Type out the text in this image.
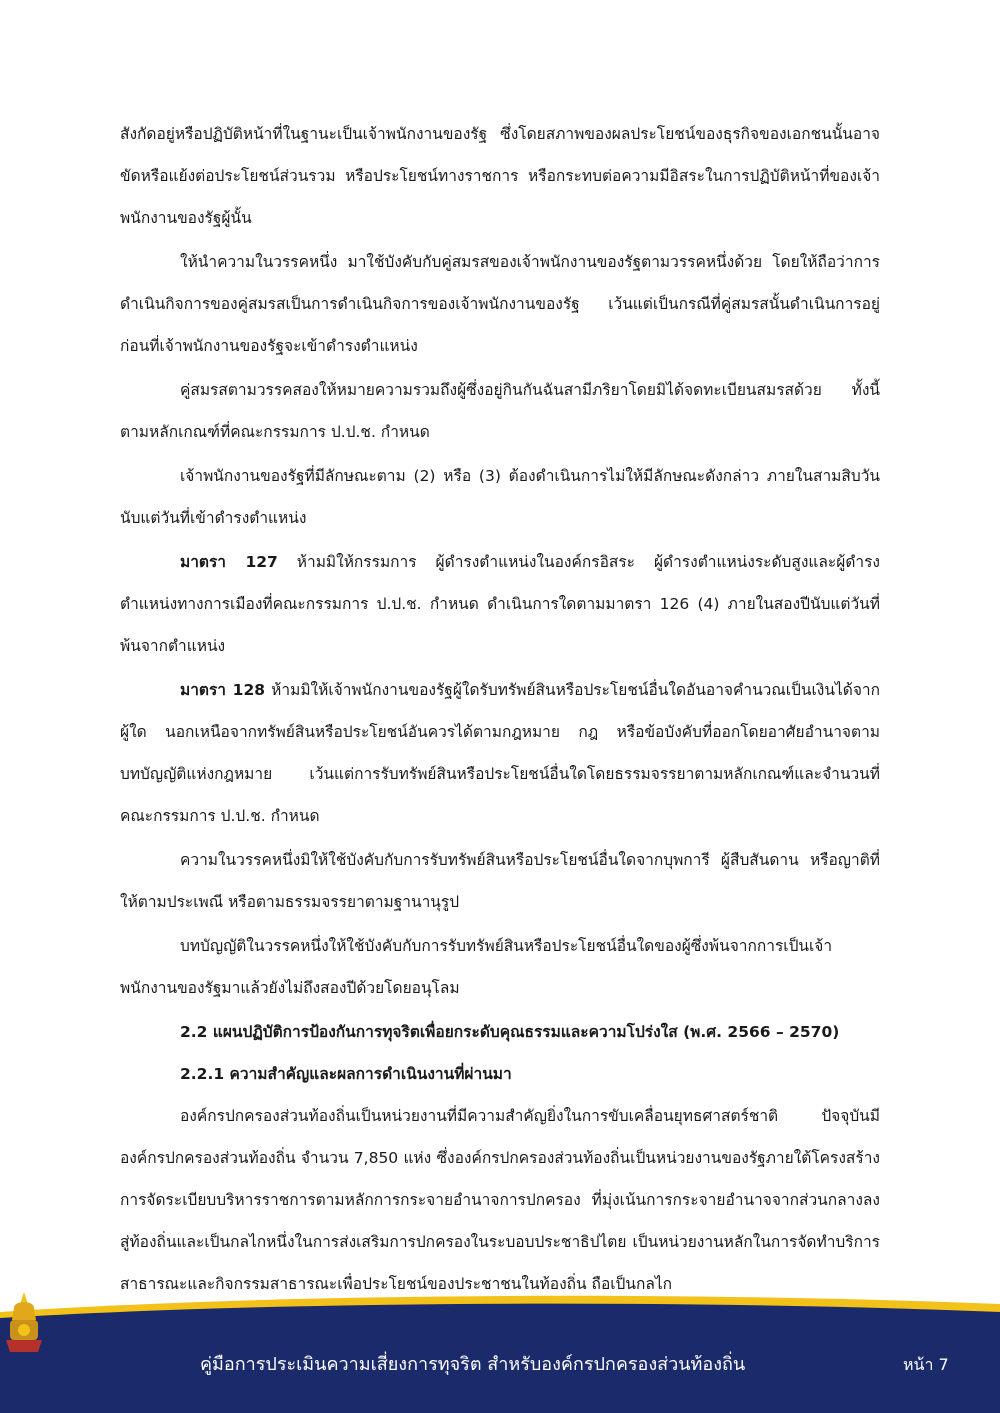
สังกัดอยู่หรือปฏิบัติหน้าที่ในฐานะเป็นเจ้าพนักงานของรัฐ ซึ่งโดยสภาพของผลประโยชน์ของธุรกิจของเอกชนนั้นอาจขัดหรือแย้งต่อประโยชน์ส่วนรวม หรือประโยชน์ทางราชการ หรือกระทบต่อความมีอิสระในการปฏิบัติหน้าที่ของเจ้าพนักงานของรัฐผู้นั้น

ให้นำความในวรรคหนึ่ง มาใช้บังคับกับคู่สมรสของเจ้าพนักงานของรัฐตามวรรคหนึ่งด้วย โดยให้ถือว่าการดำเนินกิจการของคู่สมรสเป็นการดำเนินกิจการของเจ้าพนักงานของรัฐ เว้นแต่เป็นกรณีที่คู่สมรสนั้นดำเนินการอยู่ก่อนที่เจ้าพนักงานของรัฐจะเข้าดำรงตำแหน่ง

คู่สมรสตามวรรคสองให้หมายความรวมถึงผู้ซึ่งอยู่กินกันฉันสามีภริยาโดยมิได้จดทะเบียนสมรสด้วย ทั้งนี้ ตามหลักเกณฑ์ที่คณะกรรมการ ป.ป.ช. กำหนด

เจ้าพนักงานของรัฐที่มีลักษณะตาม (2) หรือ (3) ต้องดำเนินการไม่ให้มีลักษณะดังกล่าว ภายในสามสิบวันนับแต่วันที่เข้าดำรงตำแหน่ง

มาตรา 127 ห้ามมิให้กรรมการ ผู้ดำรงตำแหน่งในองค์กรอิสระ ผู้ดำรงตำแหน่งระดับสูงและผู้ดำรงตำแหน่งทางการเมืองที่คณะกรรมการ ป.ป.ช. กำหนด ดำเนินการใดตามมาตรา 126 (4) ภายในสองปีนับแต่วันที่พ้นจากตำแหน่ง

มาตรา 128 ห้ามมิให้เจ้าพนักงานของรัฐผู้ใดรับทรัพย์สินหรือประโยชน์อื่นใดอันอาจคำนวณเป็นเงินได้จากผู้ใด นอกเหนือจากทรัพย์สินหรือประโยชน์อันควรได้ตามกฎหมาย กฎ หรือข้อบังคับที่ออกโดยอาศัยอำนาจตามบทบัญญัติแห่งกฎหมาย เว้นแต่การรับทรัพย์สินหรือประโยชน์อื่นใดโดยธรรมจรรยาตามหลักเกณฑ์และจำนวนที่คณะกรรมการ ป.ป.ช. กำหนด

ความในวรรคหนึ่งมิให้ใช้บังคับกับการรับทรัพย์สินหรือประโยชน์อื่นใดจากบุพการี ผู้สืบสันดาน หรือญาติที่ให้ตามประเพณี หรือตามธรรมจรรยาตามฐานานุรูป

บทบัญญัติในวรรคหนึ่งให้ใช้บังคับกับการรับทรัพย์สินหรือประโยชน์อื่นใดของผู้ซึ่งพ้นจากการเป็นเจ้าพนักงานของรัฐมาแล้วยังไม่ถึงสองปีด้วยโดยอนุโลม

2.2 แผนปฏิบัติการป้องกันการทุจริตเพื่อยกระดับคุณธรรมและความโปร่งใส (พ.ศ. 2566 – 2570)

2.2.1 ความสำคัญและผลการดำเนินงานที่ผ่านมา

องค์กรปกครองส่วนท้องถิ่นเป็นหน่วยงานที่มีความสำคัญยิ่งในการขับเคลื่อนยุทธศาสตร์ชาติ ปัจจุบันมีองค์กรปกครองส่วนท้องถิ่น จำนวน 7,850 แห่ง ซึ่งองค์กรปกครองส่วนท้องถิ่นเป็นหน่วยงานของรัฐภายใต้โครงสร้างการจัดระเบียบบริหารราชการตามหลักการกระจายอำนาจการปกครอง ที่มุ่งเน้นการกระจายอำนาจจากส่วนกลางลงสู่ท้องถิ่นและเป็นกลไกหนึ่งในการส่งเสริมการปกครองในระบอบประชาธิปไตย เป็นหน่วยงานหลักในการจัดทำบริการสาธารณะและกิจกรรมสาธารณะเพื่อประโยชน์ของประชาชนในท้องถิ่น ถือเป็นกลไก

คู่มือการประเมินความเสี่ยงการทุจริต สำหรับองค์กรปกครองส่วนท้องถิ่น	หน้า 7
